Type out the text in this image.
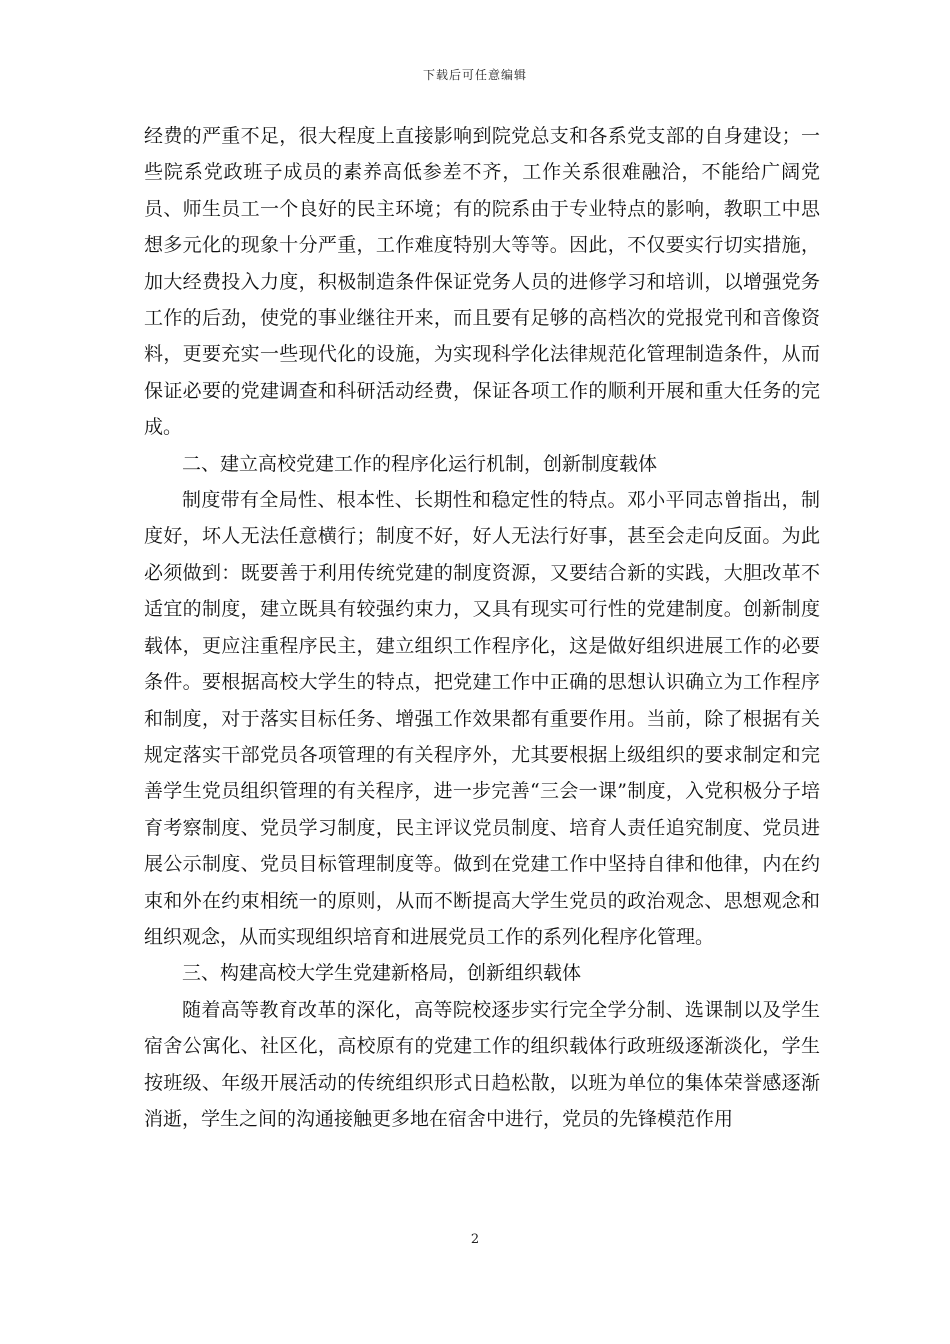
下载后可任意编辑

经费的严重不足，很大程度上直接影响到院党总支和各系党支部的自身建设；一些院系党政班子成员的素养高低参差不齐，工作关系很难融洽，不能给广阔党员、师生员工一个良好的民主环境；有的院系由于专业特点的影响，教职工中思想多元化的现象十分严重，工作难度特别大等等。因此，不仅要实行切实措施，加大经费投入力度，积极制造条件保证党务人员的进修学习和培训，以增强党务工作的后劲，使党的事业继往开来，而且要有足够的高档次的党报党刊和音像资料，更要充实一些现代化的设施，为实现科学化法律规范化管理制造条件，从而保证必要的党建调查和科研活动经费，保证各项工作的顺利开展和重大任务的完成。

二、建立高校党建工作的程序化运行机制，创新制度载体

制度带有全局性、根本性、长期性和稳定性的特点。邓小平同志曾指出，制度好，坏人无法任意横行；制度不好，好人无法行好事，甚至会走向反面。为此必须做到：既要善于利用传统党建的制度资源，又要结合新的实践，大胆改革不适宜的制度，建立既具有较强约束力，又具有现实可行性的党建制度。创新制度载体，更应注重程序民主，建立组织工作程序化，这是做好组织进展工作的必要条件。要根据高校大学生的特点，把党建工作中正确的思想认识确立为工作程序和制度，对于落实目标任务、增强工作效果都有重要作用。当前，除了根据有关规定落实干部党员各项管理的有关程序外，尤其要根据上级组织的要求制定和完善学生党员组织管理的有关程序，进一步完善“三会一课”制度，入党积极分子培育考察制度、党员学习制度，民主评议党员制度、培育人责任追究制度、党员进展公示制度、党员目标管理制度等。做到在党建工作中坚持自律和他律，内在约束和外在约束相统一的原则，从而不断提高大学生党员的政治观念、思想观念和组织观念，从而实现组织培育和进展党员工作的系列化程序化管理。

三、构建高校大学生党建新格局，创新组织载体

随着高等教育改革的深化，高等院校逐步实行完全学分制、选课制以及学生宿舍公寓化、社区化，高校原有的党建工作的组织载体行政班级逐渐淡化，学生按班级、年级开展活动的传统组织形式日趋松散，以班为单位的集体荣誉感逐渐消逝，学生之间的沟通接触更多地在宿舍中进行，党员的先锋模范作用

2
